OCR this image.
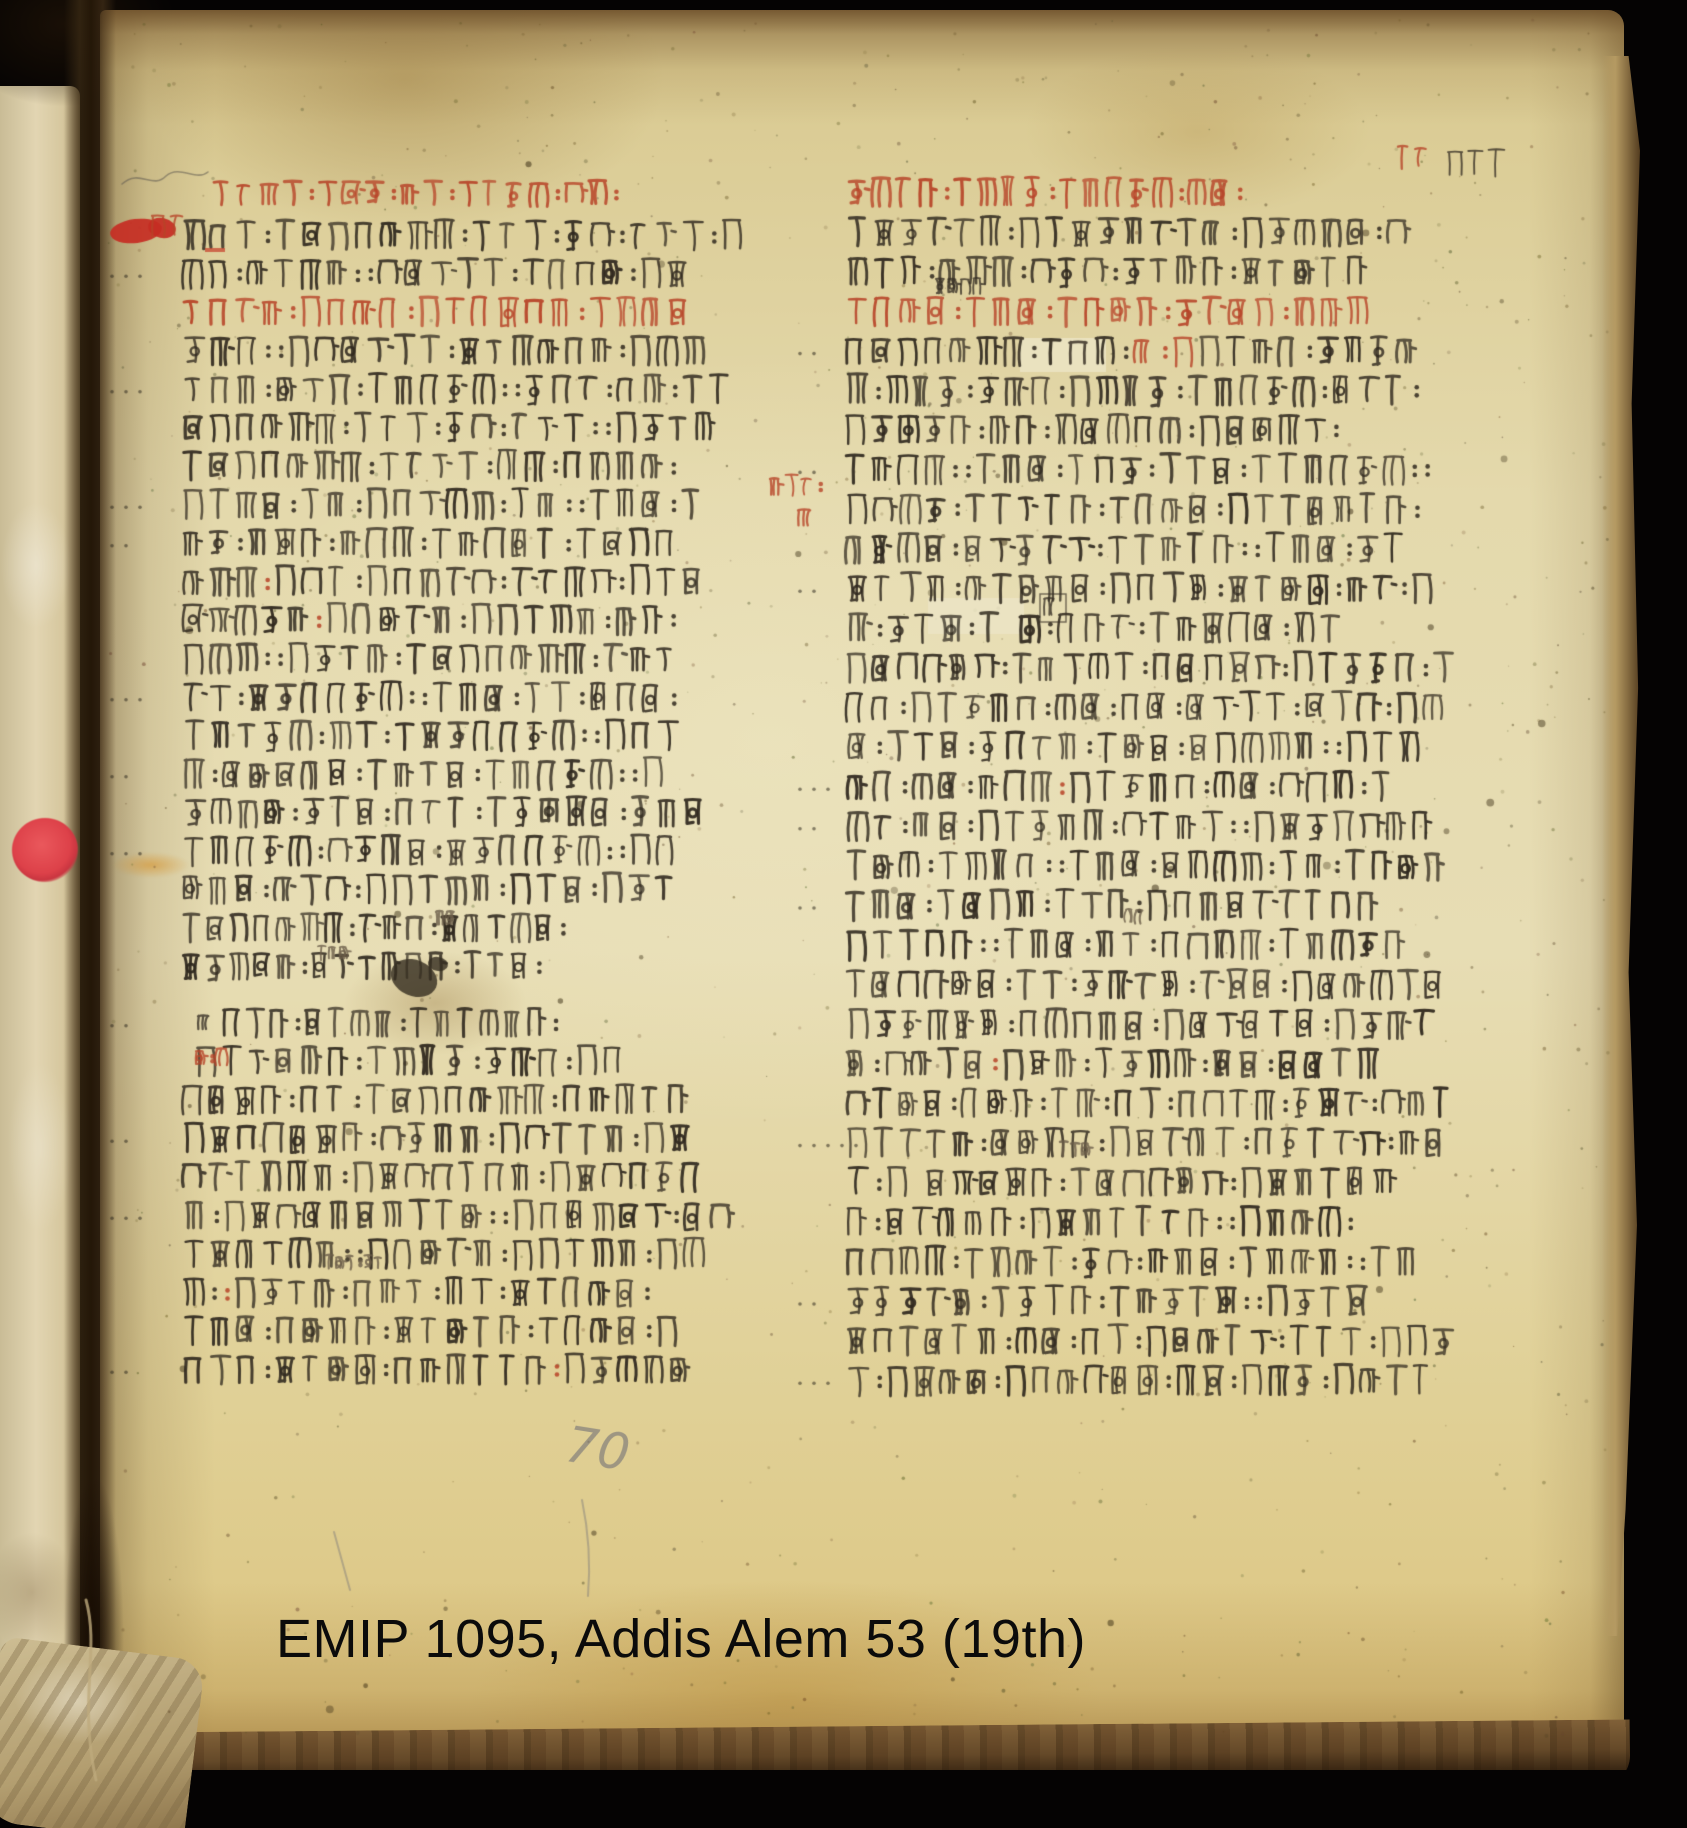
70
EMIP 1095, Addis Alem 53 (19th)
